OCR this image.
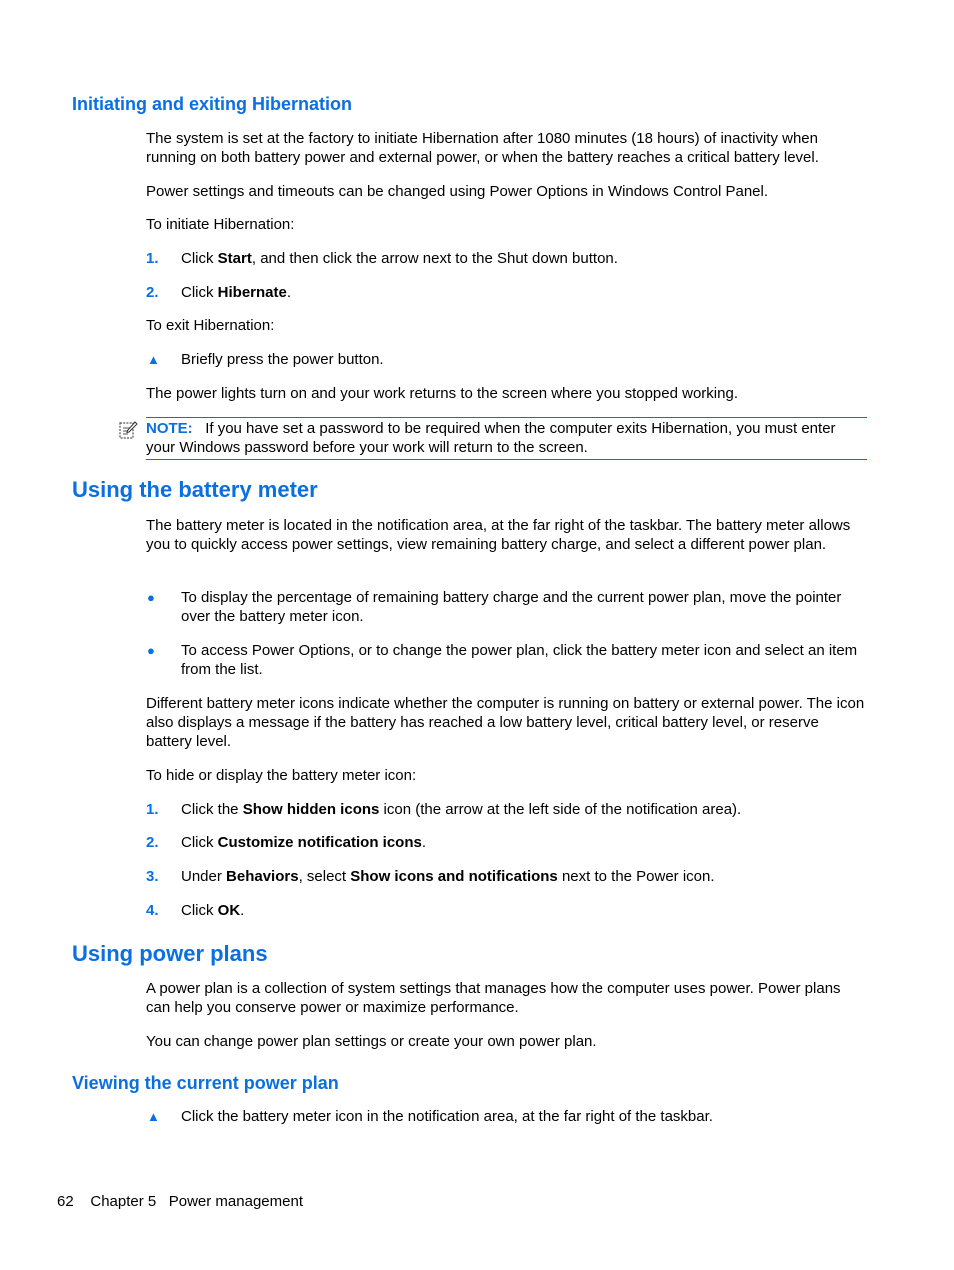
Initiating and exiting Hibernation
The system is set at the factory to initiate Hibernation after 1080 minutes (18 hours) of inactivity when running on both battery power and external power, or when the battery reaches a critical battery level.
Power settings and timeouts can be changed using Power Options in Windows Control Panel.
To initiate Hibernation:
1. Click Start, and then click the arrow next to the Shut down button.
2. Click Hibernate.
To exit Hibernation:
▲ Briefly press the power button.
The power lights turn on and your work returns to the screen where you stopped working.
NOTE: If you have set a password to be required when the computer exits Hibernation, you must enter your Windows password before your work will return to the screen.
Using the battery meter
The battery meter is located in the notification area, at the far right of the taskbar. The battery meter allows you to quickly access power settings, view remaining battery charge, and select a different power plan.
● To display the percentage of remaining battery charge and the current power plan, move the pointer over the battery meter icon.
● To access Power Options, or to change the power plan, click the battery meter icon and select an item from the list.
Different battery meter icons indicate whether the computer is running on battery or external power. The icon also displays a message if the battery has reached a low battery level, critical battery level, or reserve battery level.
To hide or display the battery meter icon:
1. Click the Show hidden icons icon (the arrow at the left side of the notification area).
2. Click Customize notification icons.
3. Under Behaviors, select Show icons and notifications next to the Power icon.
4. Click OK.
Using power plans
A power plan is a collection of system settings that manages how the computer uses power. Power plans can help you conserve power or maximize performance.
You can change power plan settings or create your own power plan.
Viewing the current power plan
▲ Click the battery meter icon in the notification area, at the far right of the taskbar.
62 Chapter 5 Power management
